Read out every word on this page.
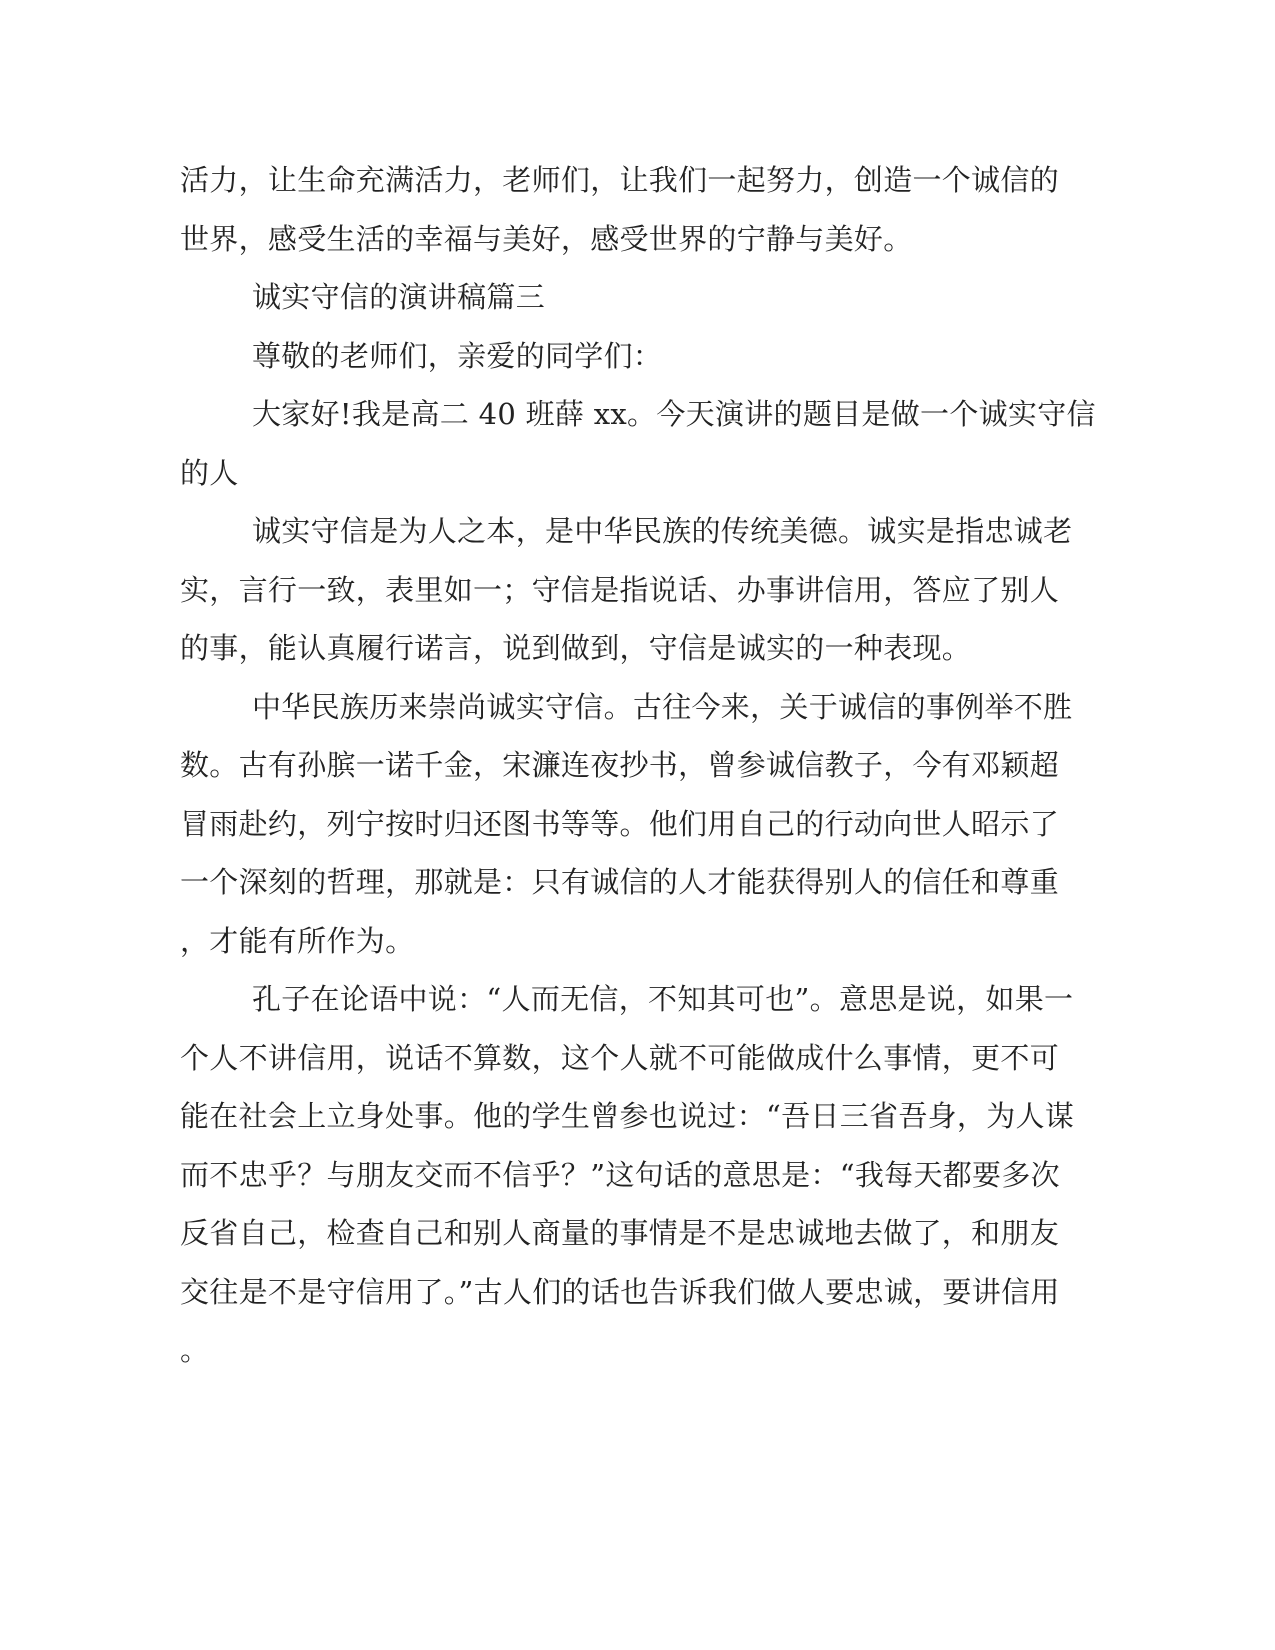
活力，让生命充满活力，老师们，让我们一起努力，创造一个诚信的
世界，感受生活的幸福与美好，感受世界的宁静与美好。
诚实守信的演讲稿篇三
尊敬的老师们，亲爱的同学们：
大家好!我是高二 40 班薛 xx。今天演讲的题目是做一个诚实守信
的人
诚实守信是为人之本，是中华民族的传统美德。诚实是指忠诚老
实，言行一致，表里如一；守信是指说话、办事讲信用，答应了别人
的事，能认真履行诺言，说到做到，守信是诚实的一种表现。
中华民族历来崇尚诚实守信。古往今来，关于诚信的事例举不胜
数。古有孙膑一诺千金，宋濂连夜抄书，曾参诚信教子，今有邓颖超
冒雨赴约，列宁按时归还图书等等。他们用自己的行动向世人昭示了
一个深刻的哲理，那就是：只有诚信的人才能获得别人的信任和尊重
，才能有所作为。
孔子在论语中说：“人而无信，不知其可也”。意思是说，如果一
个人不讲信用，说话不算数，这个人就不可能做成什么事情，更不可
能在社会上立身处事。他的学生曾参也说过：“吾日三省吾身，为人谋
而不忠乎？与朋友交而不信乎？”这句话的意思是：“我每天都要多次
反省自己，检查自己和别人商量的事情是不是忠诚地去做了，和朋友
交往是不是守信用了。”古人们的话也告诉我们做人要忠诚，要讲信用
。
